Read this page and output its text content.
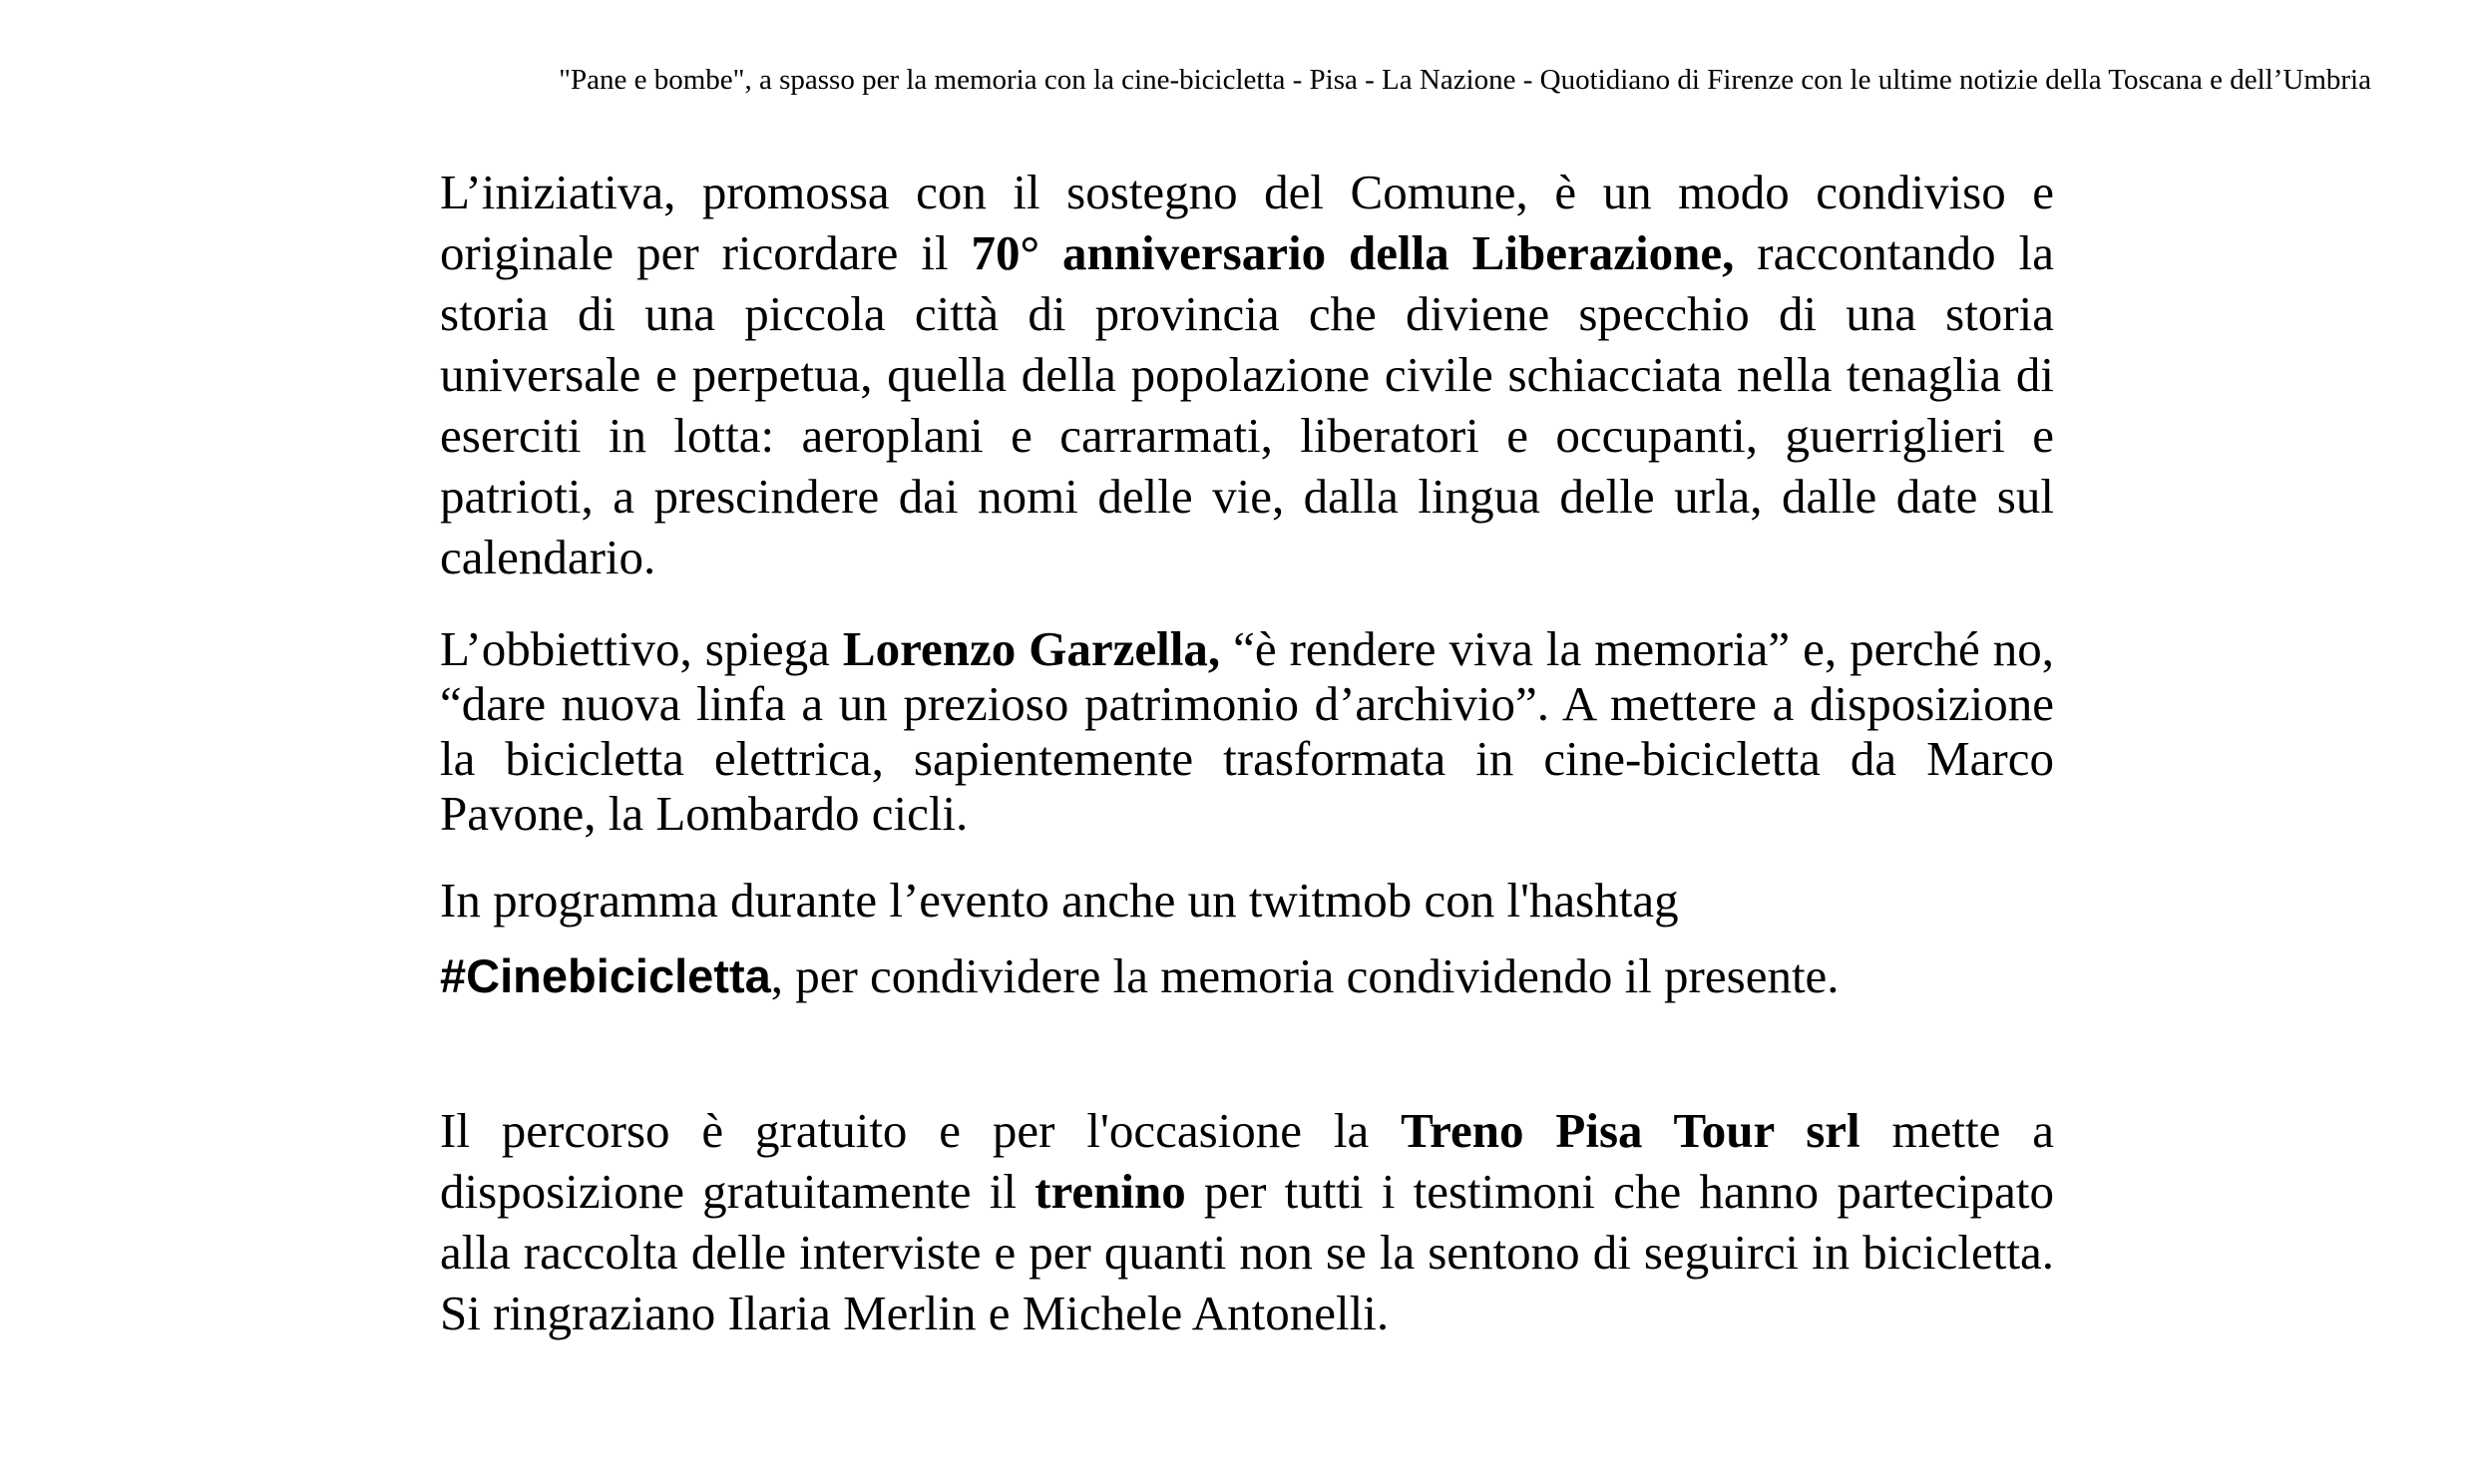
"Pane e bombe", a spasso per la memoria con la cine-bicicletta - Pisa - La Nazione - Quotidiano di Firenze con le ultime notizie della Toscana e dell’Umbria

L’iniziativa, promossa con il sostegno del Comune, è un modo condiviso e originale per ricordare il 70° anniversario della Liberazione, raccontando la storia di una piccola città di provincia che diviene specchio di una storia universale e perpetua, quella della popolazione civile schiacciata nella tenaglia di eserciti in lotta: aeroplani e carrarmati, liberatori e occupanti, guerriglieri e patrioti, a prescindere dai nomi delle vie, dalla lingua delle urla, dalle date sul calendario.

L’obbiettivo, spiega Lorenzo Garzella, “è rendere viva la memoria” e, perché no, “dare nuova linfa a un prezioso patrimonio d’archivio”. A mettere a disposizione la bicicletta elettrica, sapientemente trasformata in cine-bicicletta da Marco Pavone, la Lombardo cicli.

In programma durante l’evento anche un twitmob con l'hashtag
#Cinebicicletta, per condividere la memoria condividendo il presente.

Il percorso è gratuito e per l'occasione la Treno Pisa Tour srl mette a disposizione gratuitamente il trenino per tutti i testimoni che hanno partecipato alla raccolta delle interviste e per quanti non se la sentono di seguirci in bicicletta. Si ringraziano Ilaria Merlin e Michele Antonelli.
